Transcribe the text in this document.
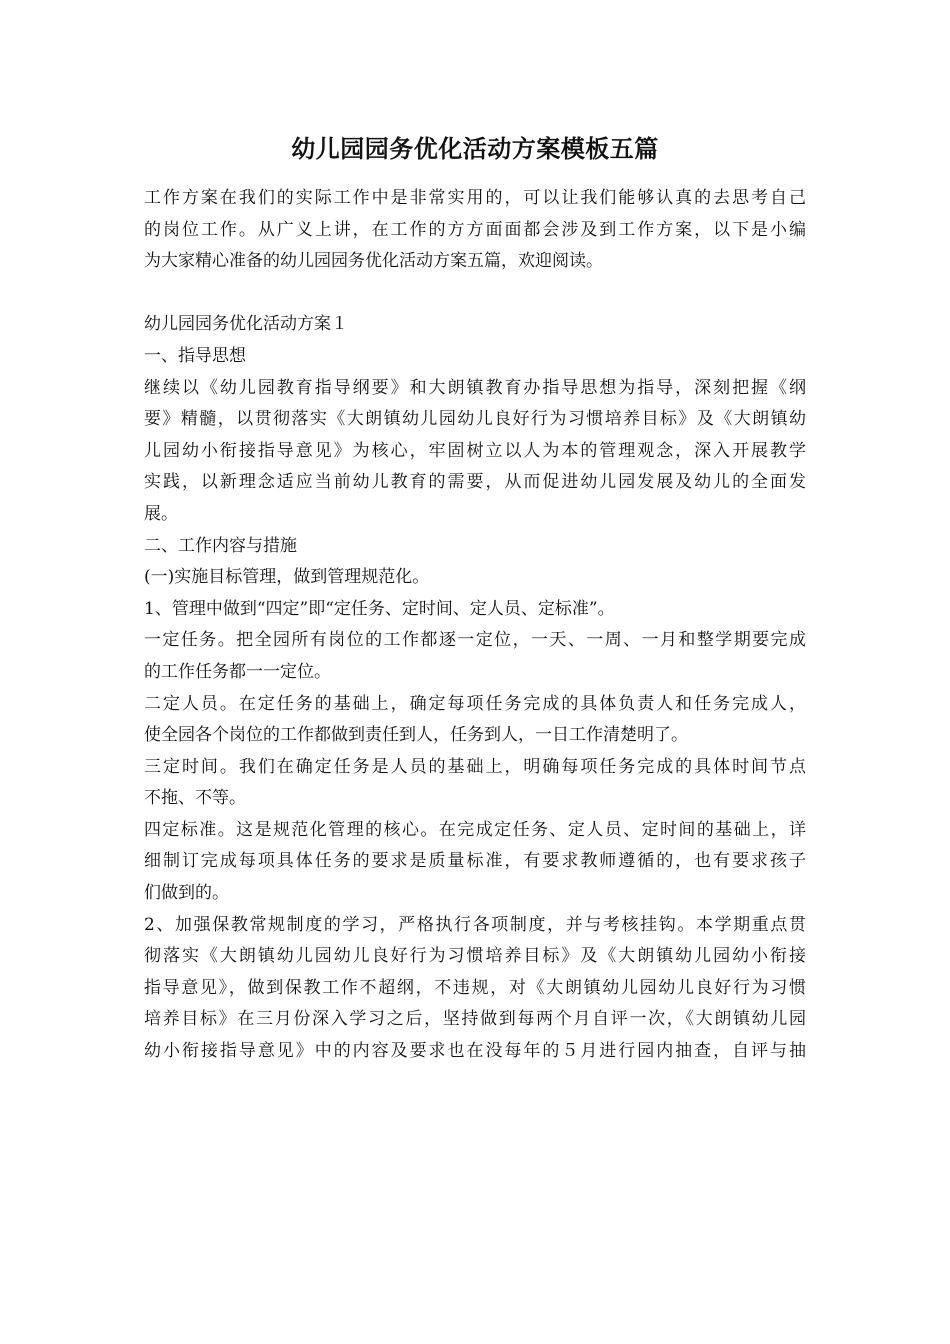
幼儿园园务优化活动方案模板五篇
工作方案在我们的实际工作中是非常实用的，可以让我们能够认真的去思考自己
的岗位工作。从广义上讲，在工作的方方面面都会涉及到工作方案，以下是小编
为大家精心准备的幼儿园园务优化活动方案五篇，欢迎阅读。
幼儿园园务优化活动方案１
一、指导思想
继续以《幼儿园教育指导纲要》和大朗镇教育办指导思想为指导，深刻把握《纲
要》精髓，以贯彻落实《大朗镇幼儿园幼儿良好行为习惯培养目标》及《大朗镇幼
儿园幼小衔接指导意见》为核心，牢固树立以人为本的管理观念，深入开展教学
实践，以新理念适应当前幼儿教育的需要，从而促进幼儿园发展及幼儿的全面发
展。
二、工作内容与措施
(一)实施目标管理，做到管理规范化。
1、管理中做到“四定”即“定任务、定时间、定人员、定标准”。
一定任务。把全园所有岗位的工作都逐一定位，一天、一周、一月和整学期要完成
的工作任务都一一定位。
二定人员。在定任务的基础上，确定每项任务完成的具体负责人和任务完成人，
使全园各个岗位的工作都做到责任到人，任务到人，一日工作清楚明了。
三定时间。我们在确定任务是人员的基础上，明确每项任务完成的具体时间节点
不拖、不等。
四定标准。这是规范化管理的核心。在完成定任务、定人员、定时间的基础上，详
细制订完成每项具体任务的要求是质量标准，有要求教师遵循的，也有要求孩子
们做到的。
2、加强保教常规制度的学习，严格执行各项制度，并与考核挂钩。本学期重点贯
彻落实《大朗镇幼儿园幼儿良好行为习惯培养目标》及《大朗镇幼儿园幼小衔接
指导意见》，做到保教工作不超纲，不违规，对《大朗镇幼儿园幼儿良好行为习惯
培养目标》在三月份深入学习之后，坚持做到每两个月自评一次，《大朗镇幼儿园
幼小衔接指导意见》中的内容及要求也在没每年的５月进行园内抽查，自评与抽
